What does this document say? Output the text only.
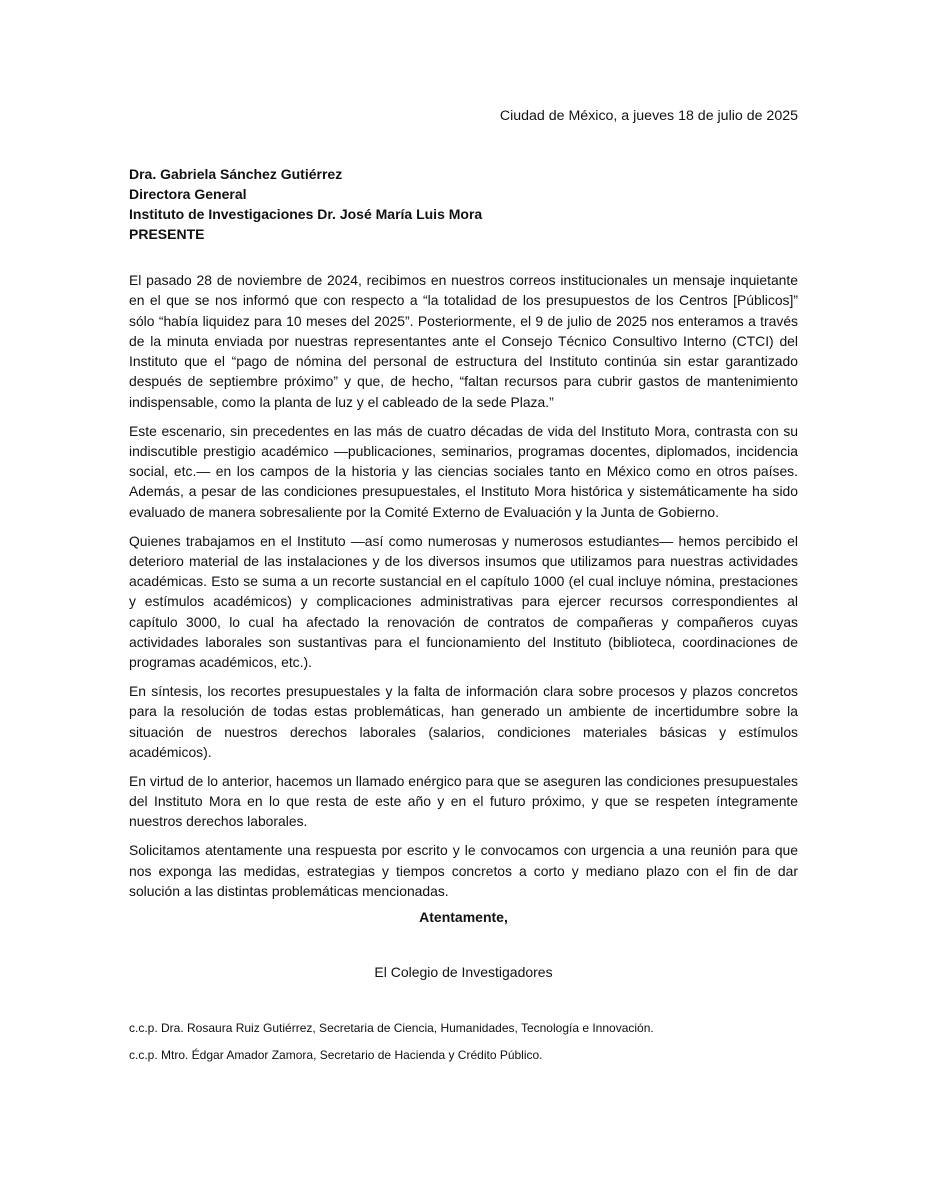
Ciudad de México, a jueves 18 de julio de 2025
Dra. Gabriela Sánchez Gutiérrez
Directora General
Instituto de Investigaciones Dr. José María Luis Mora
PRESENTE

El pasado 28 de noviembre de 2024, recibimos en nuestros correos institucionales un mensaje inquietante en el que se nos informó que con respecto a “la totalidad de los presupuestos de los Centros [Públicos]” sólo “había liquidez para 10 meses del 2025”. Posteriormente, el 9 de julio de 2025 nos enteramos a través de la minuta enviada por nuestras representantes ante el Consejo Técnico Consultivo Interno (CTCI) del Instituto que el “pago de nómina del personal de estructura del Instituto continúa sin estar garantizado después de septiembre próximo” y que, de hecho, “faltan recursos para cubrir gastos de mantenimiento indispensable, como la planta de luz y el cableado de la sede Plaza.”

Este escenario, sin precedentes en las más de cuatro décadas de vida del Instituto Mora, contrasta con su indiscutible prestigio académico —publicaciones, seminarios, programas docentes, diplomados, incidencia social, etc.— en los campos de la historia y las ciencias sociales tanto en México como en otros países. Además, a pesar de las condiciones presupuestales, el Instituto Mora histórica y sistemáticamente ha sido evaluado de manera sobresaliente por la Comité Externo de Evaluación y la Junta de Gobierno.

Quienes trabajamos en el Instituto —así como numerosas y numerosos estudiantes— hemos percibido el deterioro material de las instalaciones y de los diversos insumos que utilizamos para nuestras actividades académicas. Esto se suma a un recorte sustancial en el capítulo 1000 (el cual incluye nómina, prestaciones y estímulos académicos) y complicaciones administrativas para ejercer recursos correspondientes al capítulo 3000, lo cual ha afectado la renovación de contratos de compañeras y compañeros cuyas actividades laborales son sustantivas para el funcionamiento del Instituto (biblioteca, coordinaciones de programas académicos, etc.).

En síntesis, los recortes presupuestales y la falta de información clara sobre procesos y plazos concretos para la resolución de todas estas problemáticas, han generado un ambiente de incertidumbre sobre la situación de nuestros derechos laborales (salarios, condiciones materiales básicas y estímulos académicos).

En virtud de lo anterior, hacemos un llamado enérgico para que se aseguren las condiciones presupuestales del Instituto Mora en lo que resta de este año y en el futuro próximo, y que se respeten íntegramente nuestros derechos laborales.

Solicitamos atentamente una respuesta por escrito y le convocamos con urgencia a una reunión para que nos exponga las medidas, estrategias y tiempos concretos a corto y mediano plazo con el fin de dar solución a las distintas problemáticas mencionadas.

Atentamente,
El Colegio de Investigadores
c.c.p. Dra. Rosaura Ruiz Gutiérrez, Secretaria de Ciencia, Humanidades, Tecnología e Innovación.
c.c.p. Mtro. Édgar Amador Zamora, Secretario de Hacienda y Crédito Público.
